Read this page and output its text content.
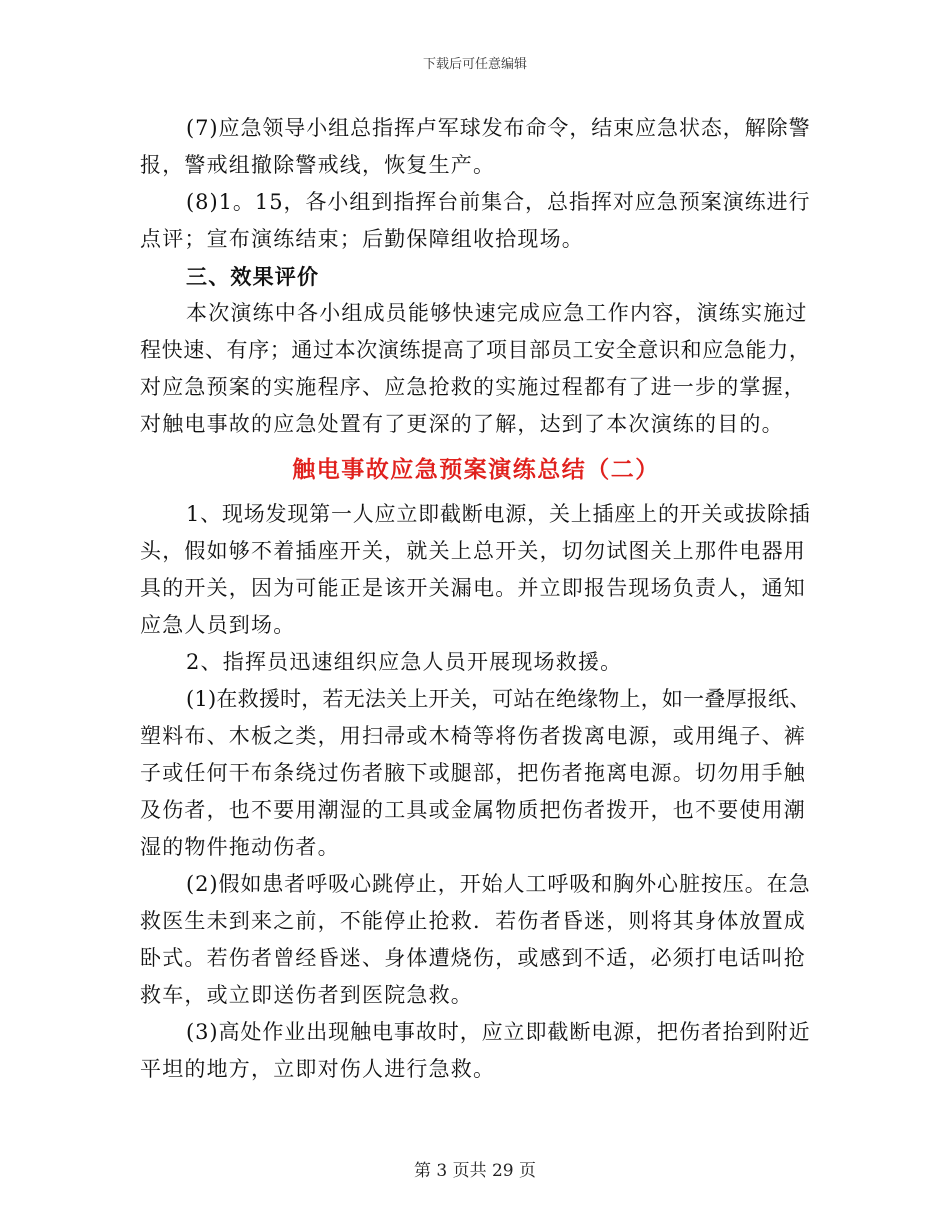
下载后可任意编辑
(7)应急领导小组总指挥卢军球发布命令，结束应急状态，解除警
报，警戒组撤除警戒线，恢复生产。
(8)1。15，各小组到指挥台前集合，总指挥对应急预案演练进行
点评；宣布演练结束；后勤保障组收拾现场。
三、效果评价
本次演练中各小组成员能够快速完成应急工作内容，演练实施过
程快速、有序；通过本次演练提高了项目部员工安全意识和应急能力，
对应急预案的实施程序、应急抢救的实施过程都有了进一步的掌握，
对触电事故的应急处置有了更深的了解，达到了本次演练的目的。
触电事故应急预案演练总结（二）
1、现场发现第一人应立即截断电源，关上插座上的开关或拔除插
头，假如够不着插座开关，就关上总开关，切勿试图关上那件电器用
具的开关，因为可能正是该开关漏电。并立即报告现场负责人，通知
应急人员到场。
2、指挥员迅速组织应急人员开展现场救援。
(1)在救援时，若无法关上开关，可站在绝缘物上，如一叠厚报纸、
塑料布、木板之类，用扫帚或木椅等将伤者拨离电源，或用绳子、裤
子或任何干布条绕过伤者腋下或腿部，把伤者拖离电源。切勿用手触
及伤者，也不要用潮湿的工具或金属物质把伤者拨开，也不要使用潮
湿的物件拖动伤者。
(2)假如患者呼吸心跳停止，开始人工呼吸和胸外心脏按压。在急
救医生未到来之前，不能停止抢救．若伤者昏迷，则将其身体放置成
卧式。若伤者曾经昏迷、身体遭烧伤，或感到不适，必须打电话叫抢
救车，或立即送伤者到医院急救。
(3)高处作业出现触电事故时，应立即截断电源，把伤者抬到附近
平坦的地方，立即对伤人进行急救。
第 3 页共 29 页
